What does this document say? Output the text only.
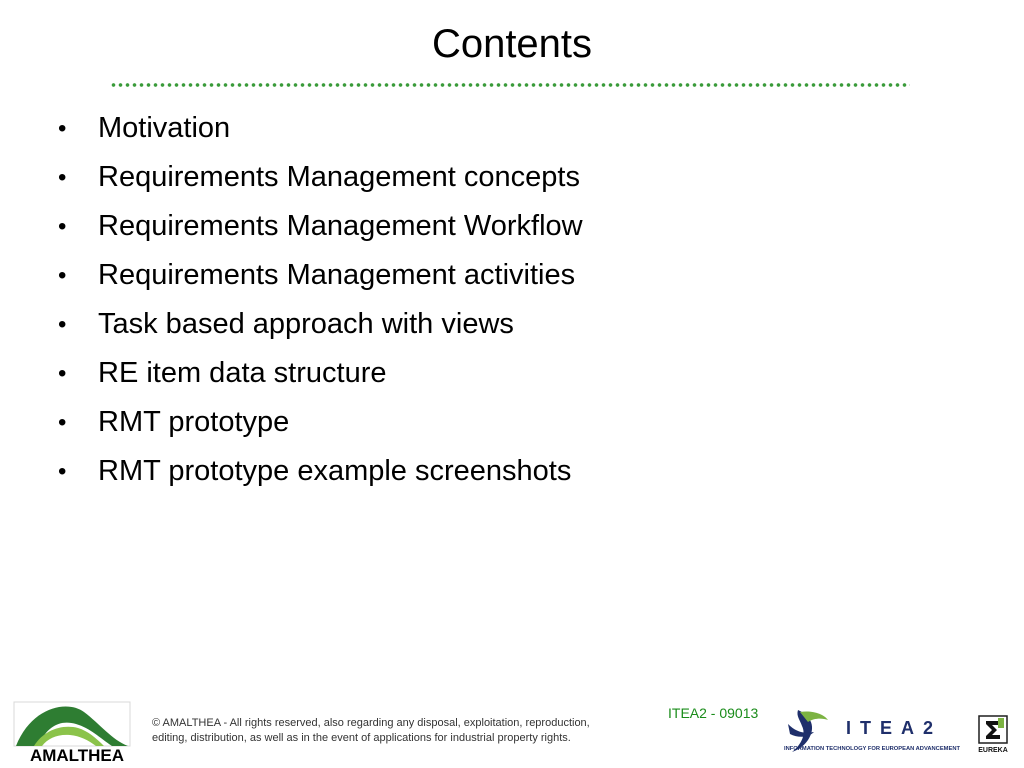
Contents
•	Motivation
•	Requirements Management concepts
•	Requirements Management Workflow
•	Requirements Management activities
•	Task based approach with views
•	RE item data structure
•	RMT prototype
•	RMT prototype example screenshots
AMALTHEA
© AMALTHEA - All rights reserved, also regarding any disposal, exploitation, reproduction,
editing, distribution, as well as in the event of applications for industrial property rights.
ITEA2 - 09013
ITEA2
INFORMATION TECHNOLOGY FOR EUROPEAN ADVANCEMENT	EUREKA
